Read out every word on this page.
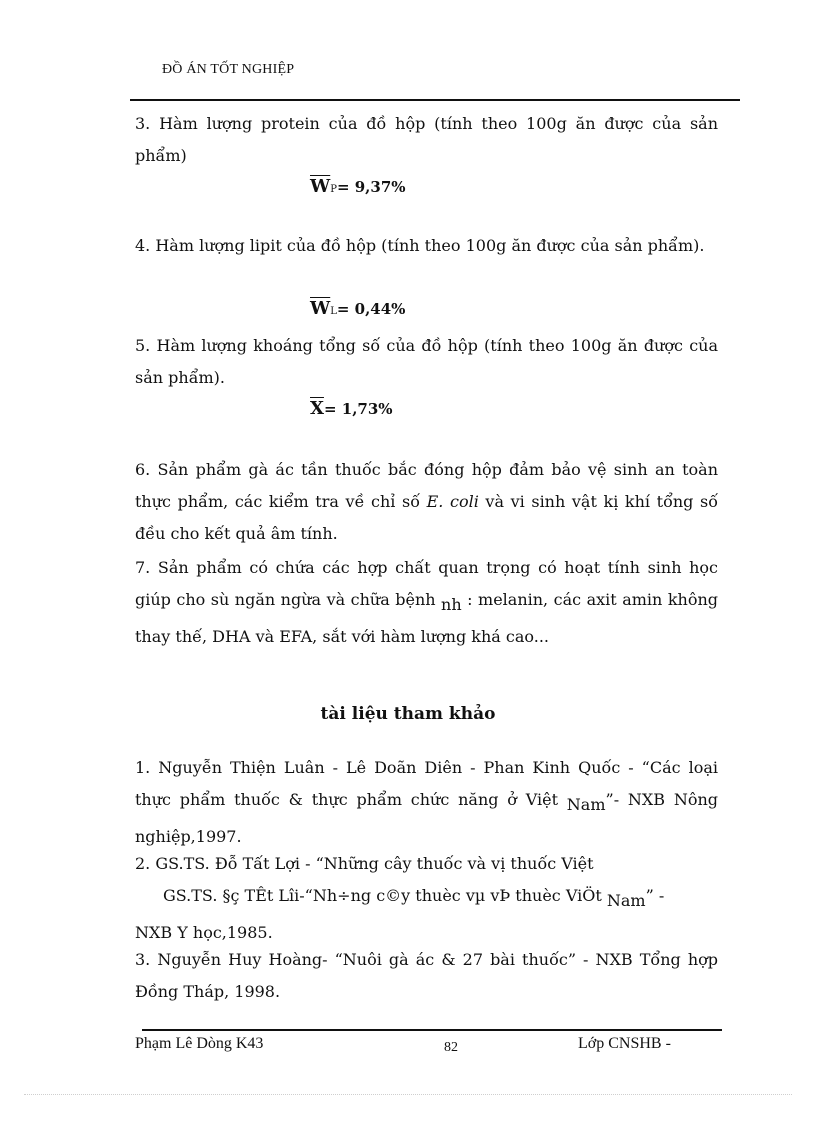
ĐỒ ÁN TỐT NGHIỆP
3. Hàm lượng protein của đồ hộp (tính theo 100g ăn được của sản phẩm)
$\overline{W}P= 9,37\%$
4. Hàm lượng lipit của đồ hộp (tính theo 100g ăn được của sản phẩm).
$\overline{W}L= 0,44\%$
5. Hàm lượng khoáng tổng số của đồ hộp (tính theo 100g ăn được của sản phẩm).
$\overline{X}= 1,73\%$
6. Sản phẩm gà ác tần thuốc bắc đóng hộp đảm bảo vệ sinh an toàn thực phẩm, các kiểm tra về chỉ số E. coli và vi sinh vật kị khí tổng số đều cho kết quả âm tính.
7. Sản phẩm có chứa các hợp chất quan trọng có hoạt tính sinh học giúp cho sù ngăn ngừa và chữa bệnh nh : melanin, các axit amin không thay thế, DHA và EFA, sắt với hàm lượng khá cao...
tài liệu tham khảo
1. Nguyễn Thiện Luân - Lê Doãn Diên - Phan Kinh Quốc - “Các loại thực phẩm thuốc & thực phẩm chức năng ở Việt Nam”- NXB Nông nghiệp,1997.
2. GS.TS. Đỗ Tất Lợi - “Những cây thuốc và vị thuốc Việt
GS.TS. §ç TÊt Lîi-“Nh÷ng c©y thuèc vµ vÞ thuèc ViÖt Nam” -
NXB Y học,1985.
3. Nguyễn Huy Hoàng- “Nuôi gà ác & 27 bài thuốc” - NXB Tổng hợp Đồng Tháp, 1998.
Phạm Lê Dòng K43	82	Lớp CNSHB -
